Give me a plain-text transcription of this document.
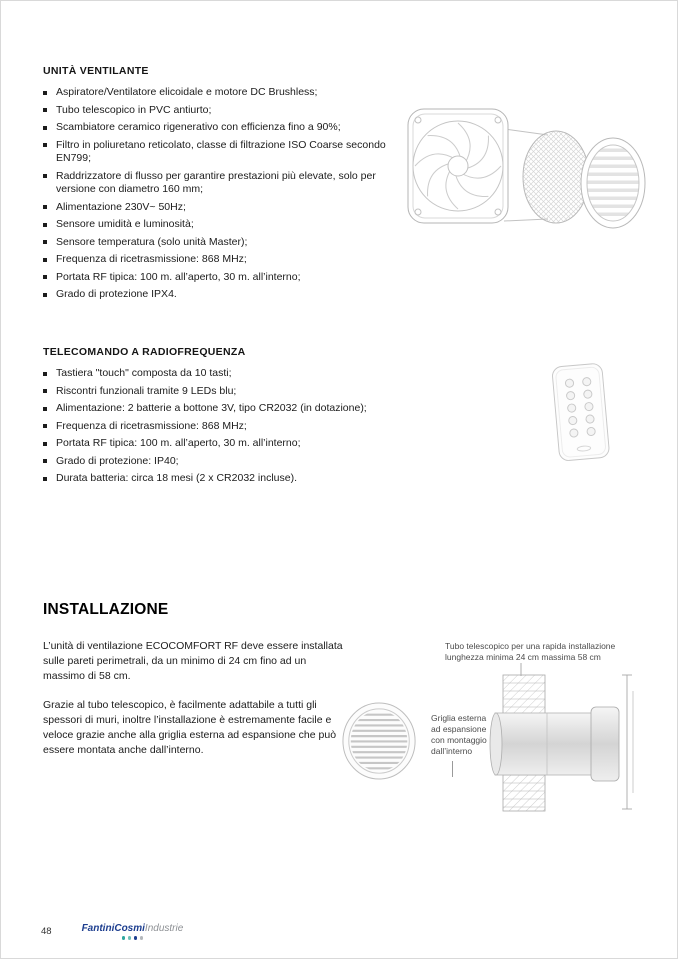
UNITÀ VENTILANTE
Aspiratore/Ventilatore elicoidale e motore DC Brushless;
Tubo telescopico in PVC antiurto;
Scambiatore ceramico rigenerativo con efficienza fino a 90%;
Filtro in poliuretano reticolato, classe di filtrazione ISO Coarse secondo EN799;
Raddrizzatore di flusso per garantire prestazioni più elevate, solo per versione con diametro 160 mm;
Alimentazione 230V~ 50Hz;
Sensore umidità e luminosità;
Sensore temperatura (solo unità Master);
Frequenza di ricetrasmissione: 868 MHz;
Portata RF tipica: 100 m. all’aperto, 30 m. all’interno;
Grado di protezione IPX4.
TELECOMANDO A RADIOFREQUENZA
Tastiera "touch" composta da 10 tasti;
Riscontri funzionali tramite 9 LEDs blu;
Alimentazione: 2 batterie a bottone 3V, tipo CR2032 (in dotazione);
Frequenza di ricetrasmissione: 868 MHz;
Portata RF tipica: 100 m. all’aperto, 30 m. all’interno;
Grado di protezione: IP40;
Durata batteria: circa 18 mesi (2 x CR2032 incluse).
INSTALLAZIONE

L’unità di ventilazione ECOCOMFORT RF deve essere installata sulle pareti perimetrali, da un minimo di 24 cm fino ad un massimo di 58 cm.

Grazie al tubo telescopico, è facilmente adattabile a tutti gli spessori di muri, inoltre l’installazione è estremamente facile e veloce grazie anche alla griglia esterna ad espansione che può essere montata anche dall’interno.

Tubo telescopico per una rapida installazione lunghezza minima 24 cm massima 58 cm
Griglia esterna ad espansione con montaggio dall’interno
48	FantiniCosmiIndustrie
